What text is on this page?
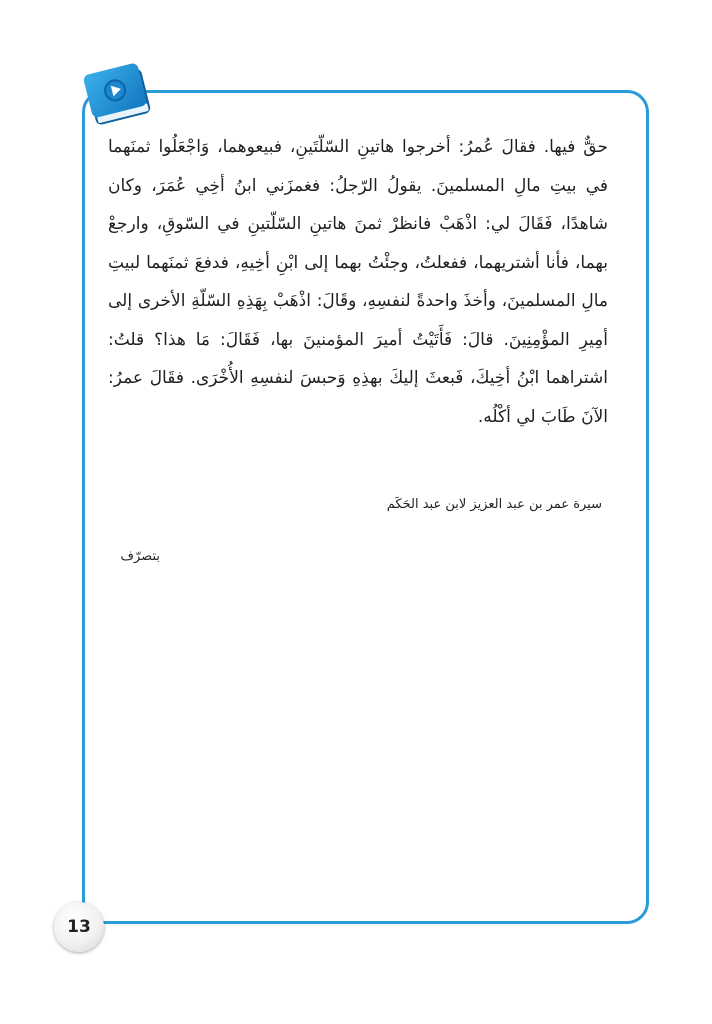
حقٌّ فيها. فقالَ عُمرُ: أخرجوا هاتينِ السّلّتَينِ، فبيعوهما، وَاجْعَلُوا ثمنَهما في بيتِ مالِ المسلمينَ. يقولُ الرّجلُ: فغمزَني ابنُ أخِي عُمَرَ، وكان شاهدًا، فَقَالَ لي: اذْهَبْ فانظرْ ثمنَ هاتينِ السّلّتينِ في السّوقِ، وارجعْ بهما، فأنا أشتريهما، ففعلتُ، وجئْتُ بهما إلى ابْنِ أخِيهِ، فدفعَ ثمنَهما لبيتِ مالِ المسلمينَ، وأخذَ واحدةً لنفسِهِ، وقَالَ: اذْهَبْ بِهَذِهِ السّلّةِ الأخرى إلى أمِيرِ المؤْمِنِينَ. قالَ: فَأَتَيْتُ أميرَ المؤمنينَ بها، فَقَالَ: مَا هذا؟ قلتُ: اشتراهما ابْنُ أخِيكَ، فَبعثَ إليكَ بهذِهِ وَحبسَ لنفسِهِ الأُخْرَى. فقَالَ عمرُ: الآنَ طَابَ لي أكْلُه.

سيرة عمر بن عبد العزيز لابن عبد الحَكَم

بتصرّف

13
